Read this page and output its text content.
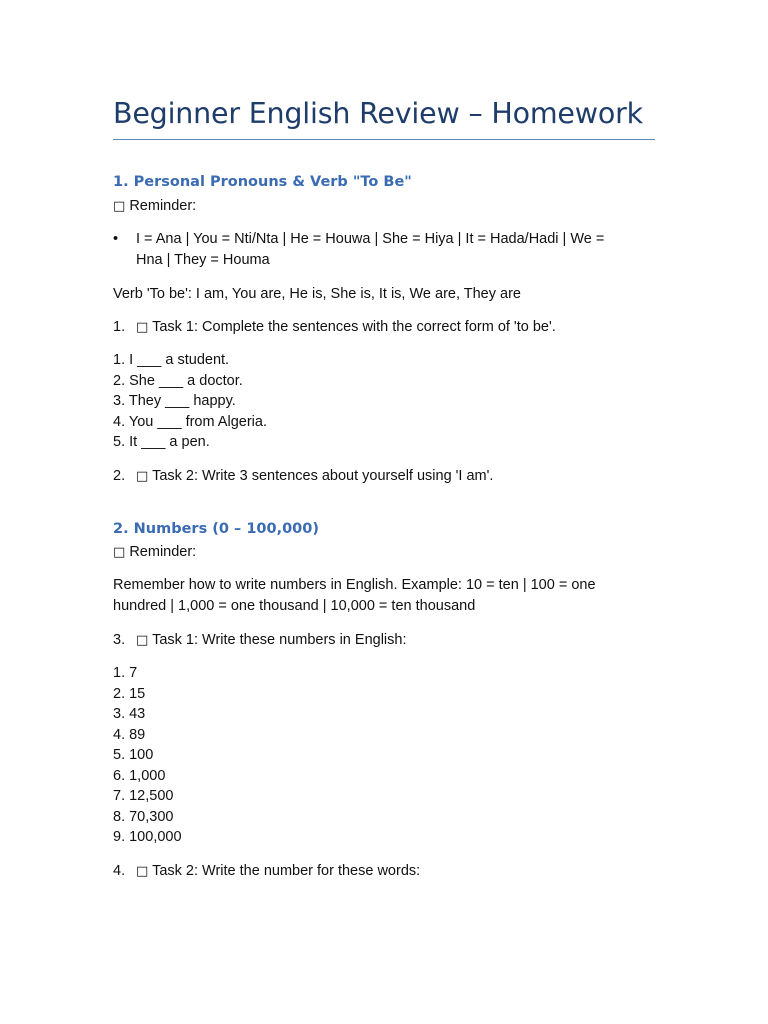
Beginner English Review – Homework
1. Personal Pronouns & Verb "To Be"
□ Reminder:
• I = Ana | You = Nti/Nta | He = Houwa | She = Hiya | It = Hada/Hadi | We = Hna | They = Houma
Verb 'To be': I am, You are, He is, She is, It is, We are, They are
1. □ Task 1: Complete the sentences with the correct form of 'to be'.
1. I ___ a student.
2. She ___ a doctor.
3. They ___ happy.
4. You ___ from Algeria.
5. It ___ a pen.
2. □ Task 2: Write 3 sentences about yourself using 'I am'.
2. Numbers (0 – 100,000)
□ Reminder:
Remember how to write numbers in English. Example: 10 = ten | 100 = one hundred | 1,000 = one thousand | 10,000 = ten thousand
3. □ Task 1: Write these numbers in English:
1. 7
2. 15
3. 43
4. 89
5. 100
6. 1,000
7. 12,500
8. 70,300
9. 100,000
4. □ Task 2: Write the number for these words:
